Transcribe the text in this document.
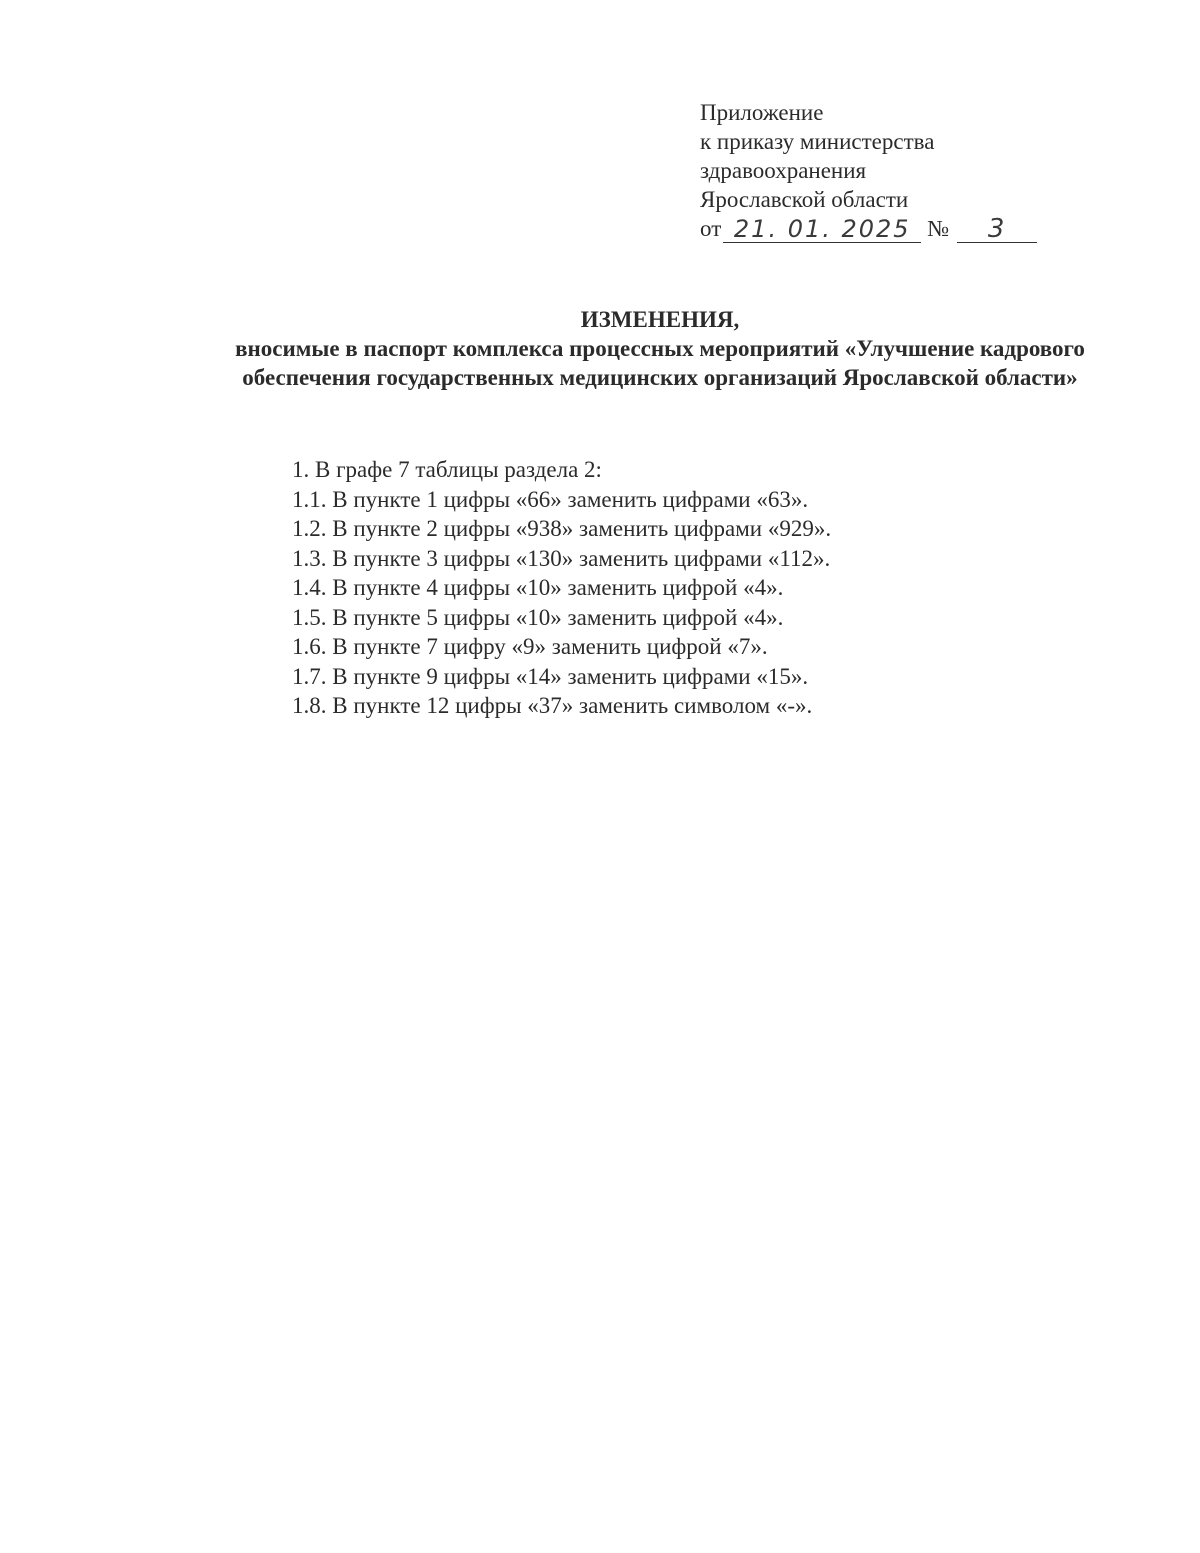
Приложение
к приказу министерства
здравоохранения
Ярославской области
от 21. 01. 2025 №	3
ИЗМЕНЕНИЯ,
вносимые в паспорт комплекса процессных мероприятий «Улучшение кадрового обеспечения государственных медицинских организаций Ярославской области»
1. В графе 7 таблицы раздела 2:
1.1. В пункте 1 цифры «66» заменить цифрами «63».
1.2. В пункте 2 цифры «938» заменить цифрами «929».
1.3. В пункте 3 цифры «130» заменить цифрами «112».
1.4. В пункте 4 цифры «10» заменить цифрой «4».
1.5. В пункте 5 цифры «10» заменить цифрой «4».
1.6. В пункте 7 цифру «9» заменить цифрой «7».
1.7. В пункте 9 цифры «14» заменить цифрами «15».
1.8. В пункте 12 цифры «37» заменить символом «-».
